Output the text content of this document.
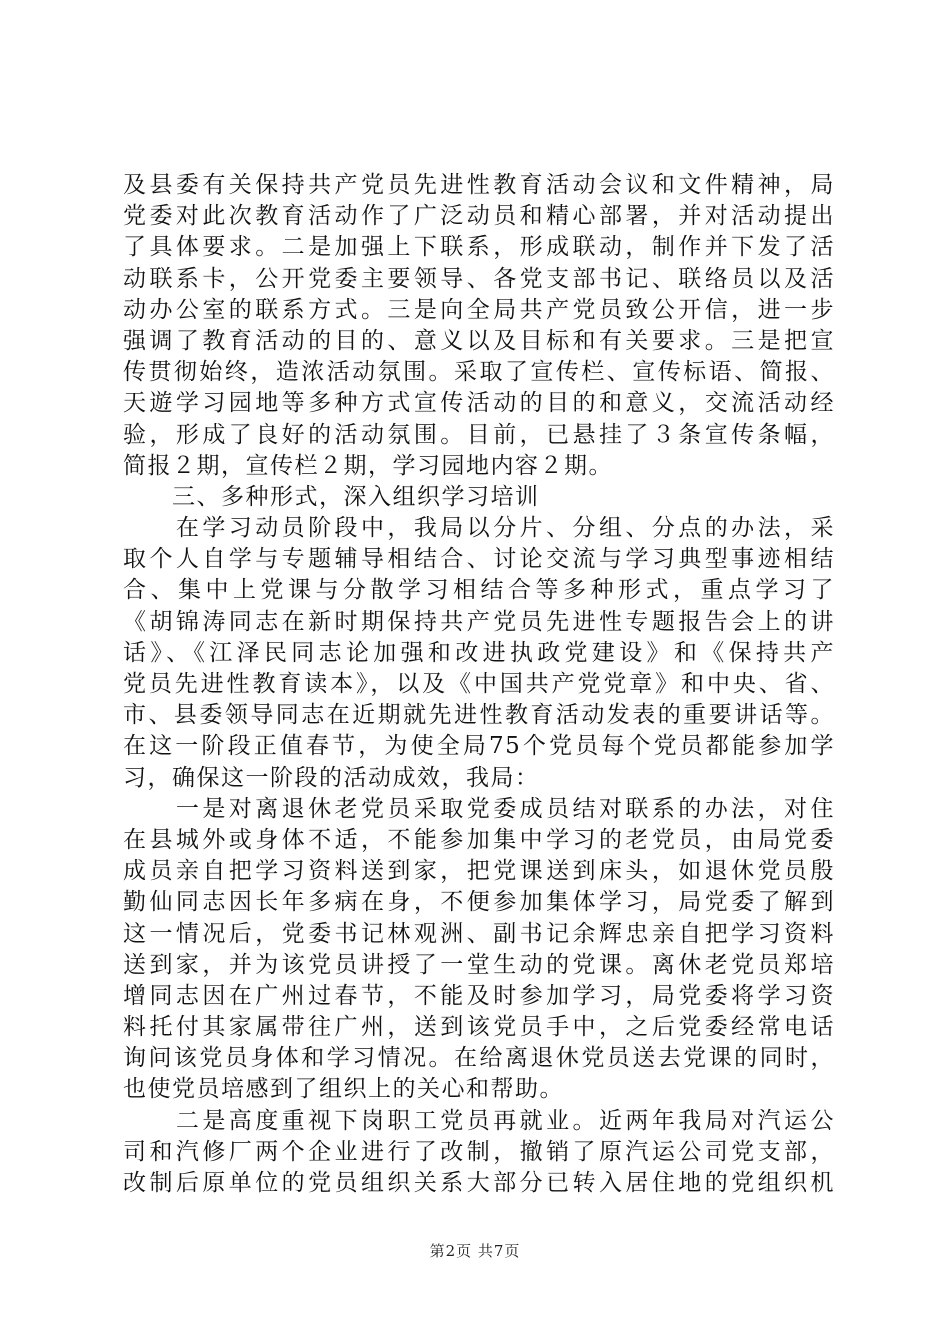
及县委有关保持共产党员先进性教育活动会议和文件精神，局
党委对此次教育活动作了广泛动员和精心部署，并对活动提出
了具体要求。二是加强上下联系，形成联动，制作并下发了活
动联系卡，公开党委主要领导、各党支部书记、联络员以及活
动办公室的联系方式。三是向全局共产党员致公开信，进一步
强调了教育活动的目的、意义以及目标和有关要求。三是把宣
传贯彻始终，造浓活动氛围。采取了宣传栏、宣传标语、简报、
天遊学习园地等多种方式宣传活动的目的和意义，交流活动经
验，形成了良好的活动氛围。目前，已悬挂了３条宣传条幅，
简报２期，宣传栏２期，学习园地内容２期。
　　三、多种形式，深入组织学习培训
　　在学习动员阶段中，我局以分片、分组、分点的办法，采
取个人自学与专题辅导相结合、讨论交流与学习典型事迹相结
合、集中上党课与分散学习相结合等多种形式，重点学习了
《胡锦涛同志在新时期保持共产党员先进性专题报告会上的讲
话》、《江泽民同志论加强和改进执政党建设》和《保持共产
党员先进性教育读本》，以及《中国共产党党章》和中央、省、
市、县委领导同志在近期就先进性教育活动发表的重要讲话等。
在这一阶段正值春节，为使全局75个党员每个党员都能参加学
习，确保这一阶段的活动成效，我局：
　　一是对离退休老党员采取党委成员结对联系的办法，对住
在县城外或身体不适，不能参加集中学习的老党员，由局党委
成员亲自把学习资料送到家，把党课送到床头，如退休党员殷
勤仙同志因长年多病在身，不便参加集体学习，局党委了解到
这一情况后，党委书记林观洲、副书记余辉忠亲自把学习资料
送到家，并为该党员讲授了一堂生动的党课。离休老党员郑培
增同志因在广州过春节，不能及时参加学习，局党委将学习资
料托付其家属带往广州，送到该党员手中，之后党委经常电话
询问该党员身体和学习情况。在给离退休党员送去党课的同时，
也使党员培感到了组织上的关心和帮助。
　　二是高度重视下岗职工党员再就业。近两年我局对汽运公
司和汽修厂两个企业进行了改制，撤销了原汽运公司党支部，
改制后原单位的党员组织关系大部分已转入居住地的党组织机
第2页 共7页
